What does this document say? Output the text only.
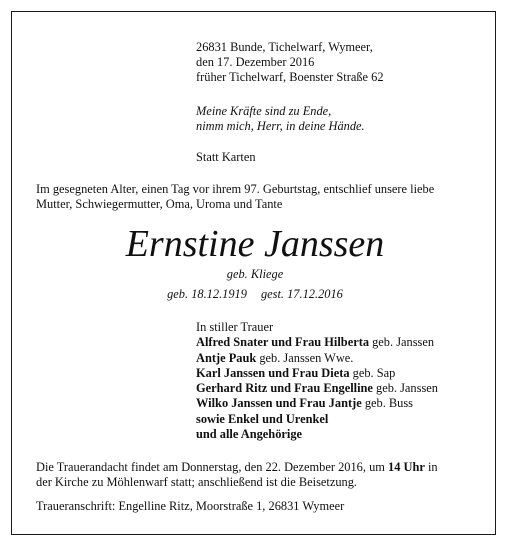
26831 Bunde, Tichelwarf, Wymeer,
den 17. Dezember 2016
früher Tichelwarf, Boenster Straße 62
Meine Kräfte sind zu Ende,
nimm mich, Herr, in deine Hände.
Statt Karten
Im gesegneten Alter, einen Tag vor ihrem 97. Geburtstag, entschlief unsere liebe
Mutter, Schwiegermutter, Oma, Uroma und Tante
Ernstine Janssen
geb. Kliege
geb. 18.12.1919 gest. 17.12.2016
In stiller Trauer
Alfred Snater und Frau Hilberta geb. Janssen
Antje Pauk geb. Janssen Wwe.
Karl Janssen und Frau Dieta geb. Sap
Gerhard Ritz und Frau Engelline geb. Janssen
Wilko Janssen und Frau Jantje geb. Buss
sowie Enkel und Urenkel
und alle Angehörige
Die Trauerandacht findet am Donnerstag, den 22. Dezember 2016, um 14 Uhr in
der Kirche zu Möhlenwarf statt; anschließend ist die Beisetzung.
Traueranschrift: Engelline Ritz, Moorstraße 1, 26831 Wymeer
